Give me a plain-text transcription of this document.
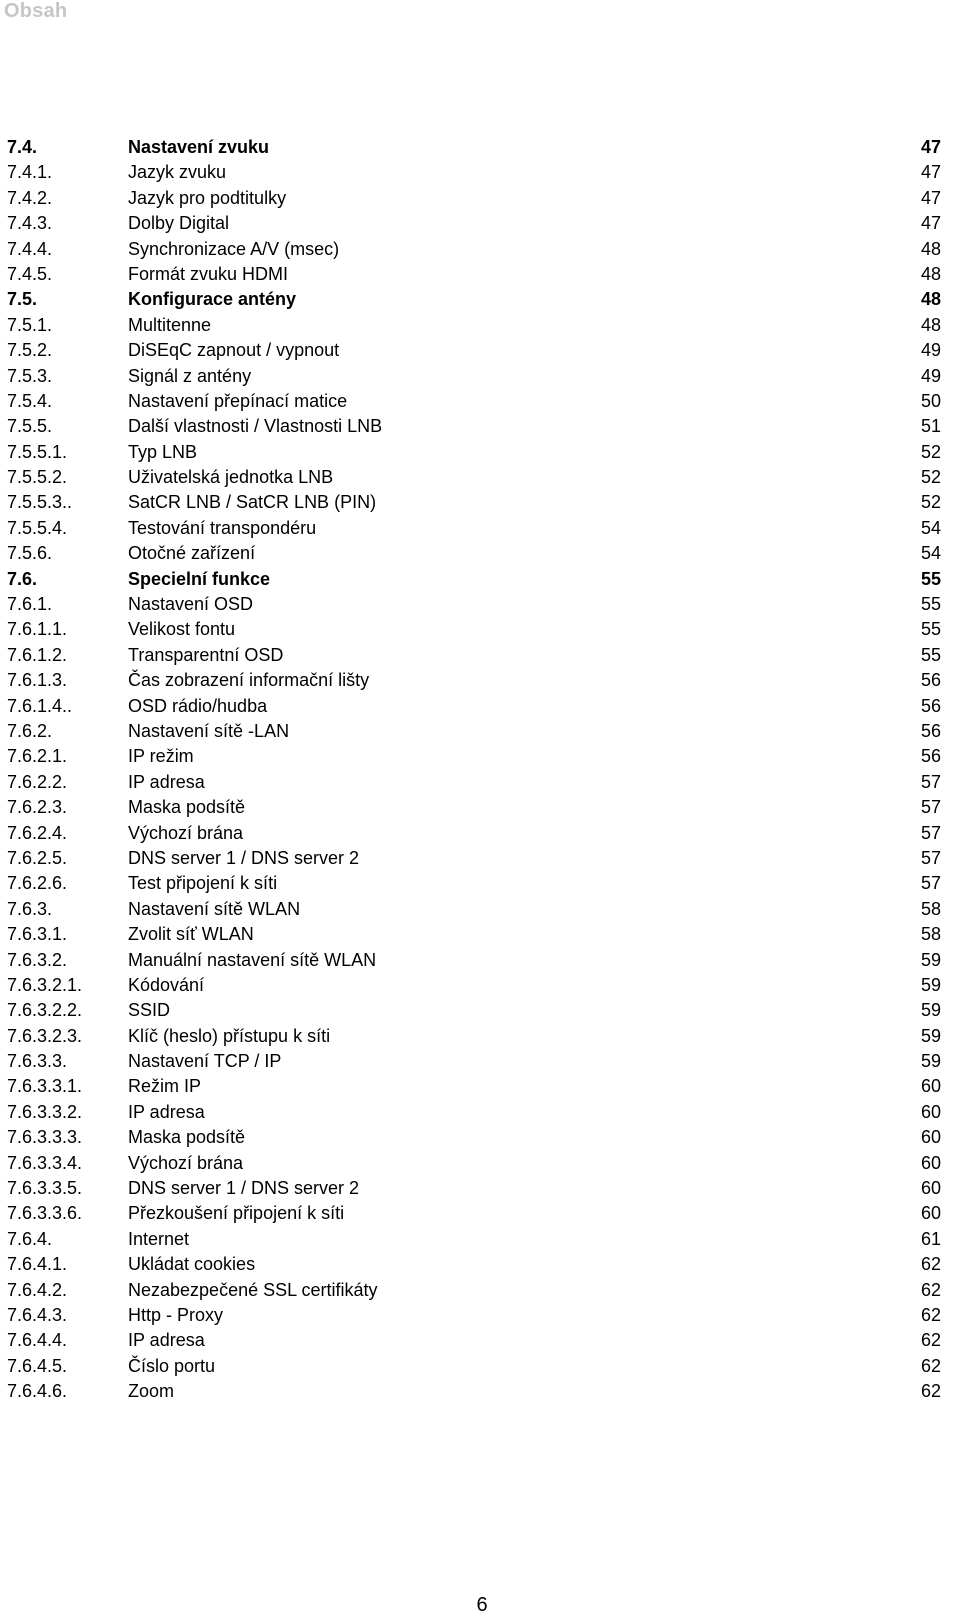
Obsah
7.4.	Nastavení zvuku	47
7.4.1.	Jazyk zvuku	47
7.4.2.	Jazyk pro podtitulky	47
7.4.3.	Dolby Digital	47
7.4.4.	Synchronizace A/V (msec)	48
7.4.5.	Formát zvuku HDMI	48
7.5.	Konfigurace antény	48
7.5.1.	Multitenne	48
7.5.2.	DiSEqC zapnout / vypnout	49
7.5.3.	Signál z antény	49
7.5.4.	Nastavení přepínací matice	50
7.5.5.	Další vlastnosti / Vlastnosti LNB	51
7.5.5.1.	Typ LNB	52
7.5.5.2.	Uživatelská jednotka LNB	52
7.5.5.3..	SatCR LNB / SatCR LNB (PIN)	52
7.5.5.4.	Testování transpondéru	54
7.5.6.	Otočné zařízení	54
7.6.	Specielní funkce	55
7.6.1.	Nastavení OSD	55
7.6.1.1.	Velikost fontu	55
7.6.1.2.	Transparentní OSD	55
7.6.1.3.	Čas zobrazení informační lišty	56
7.6.1.4..	OSD rádio/hudba	56
7.6.2.	Nastavení sítě -LAN	56
7.6.2.1.	IP režim	56
7.6.2.2.	IP adresa	57
7.6.2.3.	Maska podsítě	57
7.6.2.4.	Výchozí brána	57
7.6.2.5.	DNS server 1 / DNS server 2	57
7.6.2.6.	Test připojení k síti	57
7.6.3.	Nastavení sítě WLAN	58
7.6.3.1.	Zvolit síť WLAN	58
7.6.3.2.	Manuální nastavení sítě WLAN	59
7.6.3.2.1.	Kódování	59
7.6.3.2.2.	SSID	59
7.6.3.2.3.	Klíč (heslo) přístupu k síti	59
7.6.3.3.	Nastavení TCP / IP	59
7.6.3.3.1.	Režim IP	60
7.6.3.3.2.	IP adresa	60
7.6.3.3.3.	Maska podsítě	60
7.6.3.3.4.	Výchozí brána	60
7.6.3.3.5.	DNS server 1 / DNS server 2	60
7.6.3.3.6.	Přezkoušení připojení k síti	60
7.6.4.	Internet	61
7.6.4.1.	Ukládat cookies	62
7.6.4.2.	Nezabezpečené SSL certifikáty	62
7.6.4.3.	Http - Proxy	62
7.6.4.4.	IP adresa	62
7.6.4.5.	Číslo portu	62
7.6.4.6.	Zoom	62
6
